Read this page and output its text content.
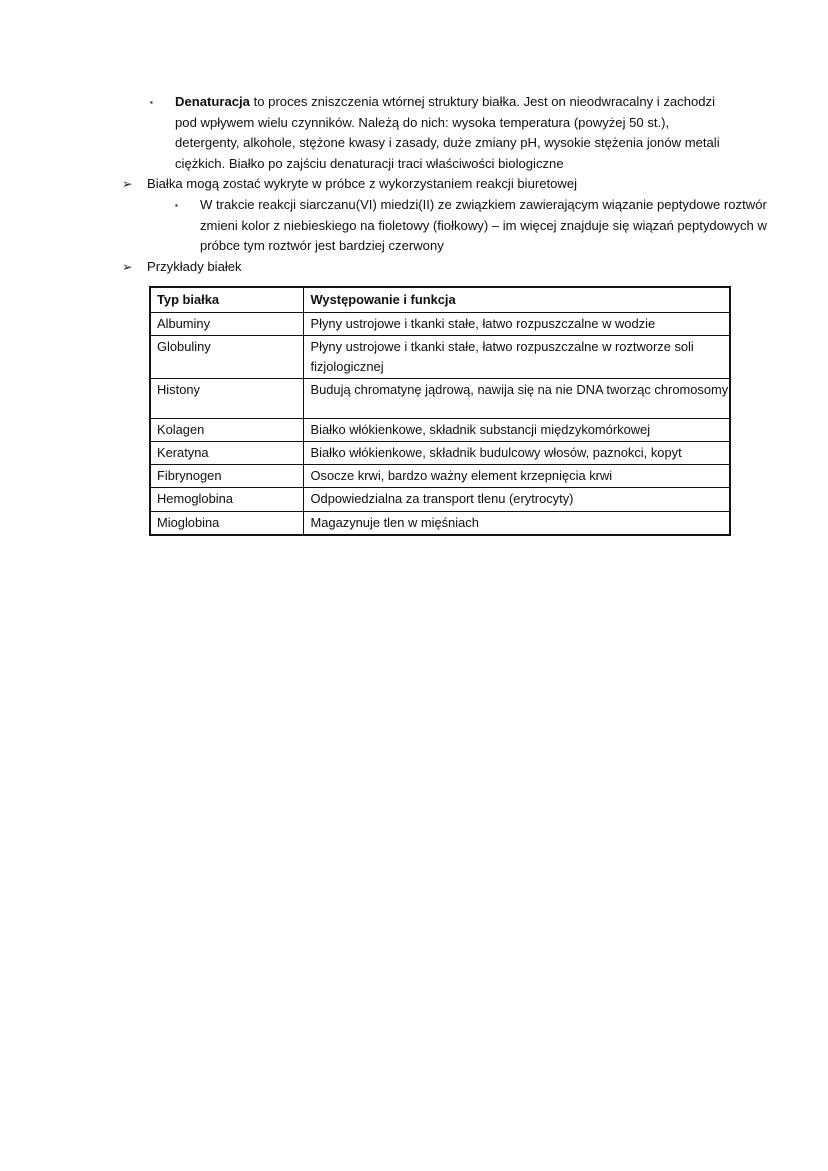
▪	Denaturacja to proces zniszczenia wtórnej struktury białka. Jest on nieodwracalny i zachodzi pod wpływem wielu czynników. Należą do nich: wysoka temperatura (powyżej 50 st.), detergenty, alkohole, stężone kwasy i zasady, duże zmiany pH, wysokie stężenia jonów metali ciężkich. Białko po zajściu denaturacji traci właściwości biologiczne
➢	Białka mogą zostać wykryte w próbce z wykorzystaniem reakcji biuretowej
▪	W trakcie reakcji siarczanu(VI) miedzi(II) ze związkiem zawierającym wiązanie peptydowe roztwór zmieni kolor z niebieskiego na fioletowy (fiołkowy) – im więcej znajduje się wiązań peptydowych w próbce tym roztwór jest bardziej czerwony
➢	Przykłady białek
Typ białka	Występowanie i funkcja
Albuminy	Płyny ustrojowe i tkanki stałe, łatwo rozpuszczalne w wodzie
Globuliny	Płyny ustrojowe i tkanki stałe, łatwo rozpuszczalne w roztworze soli fizjologicznej
Histony	Budują chromatynę jądrową, nawija się na nie DNA tworząc chromosomy
Kolagen	Białko włókienkowe, składnik substancji międzykomórkowej
Keratyna	Białko włókienkowe, składnik budulcowy włosów, paznokci, kopyt
Fibrynogen	Osocze krwi, bardzo ważny element krzepnięcia krwi
Hemoglobina	Odpowiedzialna za transport tlenu (erytrocyty)
Mioglobina	Magazynuje tlen w mięśniach
